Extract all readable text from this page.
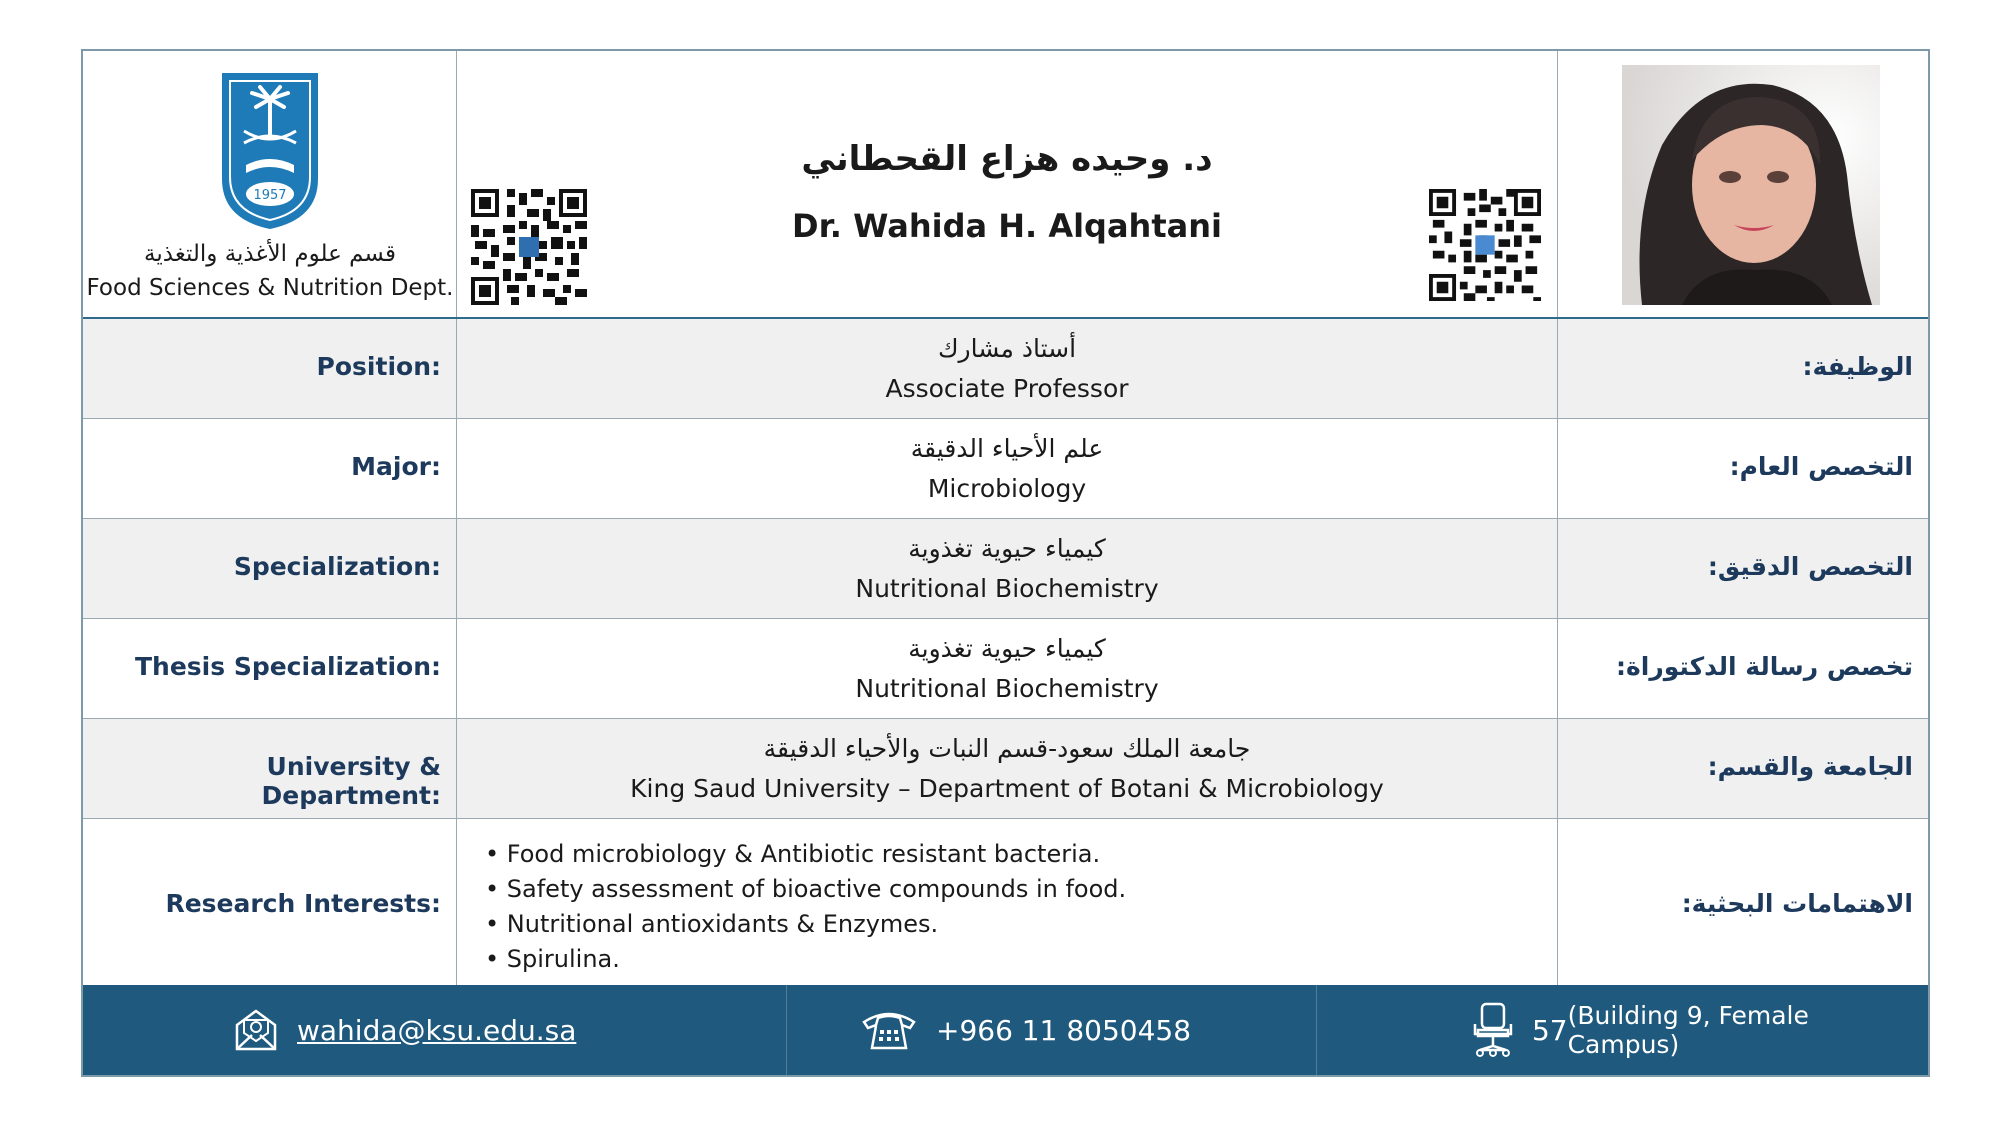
1957
قسم علوم الأغذية والتغذية
Food Sciences & Nutrition Dept.
د. وحيده هزاع القحطاني
Dr. Wahida H. Alqahtani
Position:
أستاذ مشارك
Associate Professor
الوظيفة:
Major:
علم الأحياء الدقيقة
Microbiology
التخصص العام:
Specialization:
كيمياء حيوية تغذوية
Nutritional Biochemistry
التخصص الدقيق:
Thesis Specialization:
كيمياء حيوية تغذوية
Nutritional Biochemistry
تخصص رسالة الدكتوراة:
University & Department:
جامعة الملك سعود-قسم النبات والأحياء الدقيقة
King Saud University – Department of Botani & Microbiology
الجامعة والقسم:
Research Interests:
• Food microbiology & Antibiotic resistant bacteria.
• Safety assessment of bioactive compounds in food.
• Nutritional antioxidants & Enzymes.
• Spirulina.
الاهتمامات البحثية:
wahida@ksu.edu.sa	+966 11 8050458	57 (Building 9, Female Campus)
